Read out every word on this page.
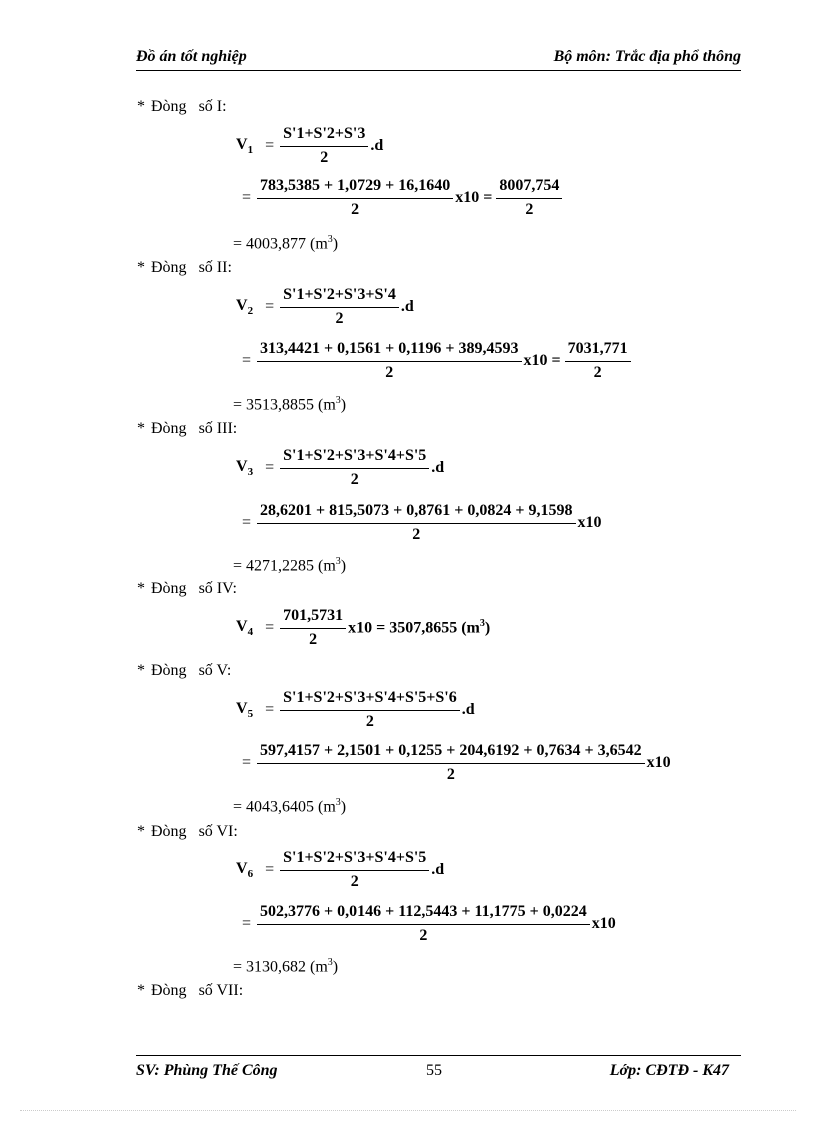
Đồ án tốt nghiệp	Bộ môn: Trắc địa phổ thông
* Đòng số I:
$V_1 = \frac{S'1+S'2+S'3}{2} .d$
= $\frac{783,5385 + 1,0729 + 16,1640}{2} x10 = \frac{8007,754}{2}$
= 4003,877 $(m^3)$
* Đòng số II:
$V_2 = \frac{S'1+S'2+S'3+S'4}{2} .d$
= $\frac{313,4421 + 0,1561 + 0,1196 + 389,4593}{2} x10 = \frac{7031,771}{2}$
= 3513,8855 $(m^3)$
* Đòng số III:
$V_3 = \frac{S'1+S'2+S'3+S'4+S'5}{2} .d$
= $\frac{28,6201 + 815,5073 + 0,8761 + 0,0824 + 9,1598}{2} x10$
= 4271,2285 $(m^3)$
* Đòng số IV:
$V_4 = \frac{701,5731}{2} x10 = 3507,8655$ $(m^3)$
* Đòng số V:
$V_5 = \frac{S'1+S'2+S'3+S'4+S'5+S'6}{2} .d$
= $\frac{597,4157 + 2,1501 + 0,1255 + 204,6192 + 0,7634 + 3,6542}{2} x10$
= 4043,6405 $(m^3)$
* Đòng số VI:
$V_6 = \frac{S'1+S'2+S'3+S'4+S'5}{2} .d$
= $\frac{502,3776 + 0,0146 + 112,5443 + 11,1775 + 0,0224}{2} x10$
= 3130,682 $(m^3)$
* Đòng số VII:
SV: Phùng Thế Công	55	Lớp: CĐTĐ - K47
